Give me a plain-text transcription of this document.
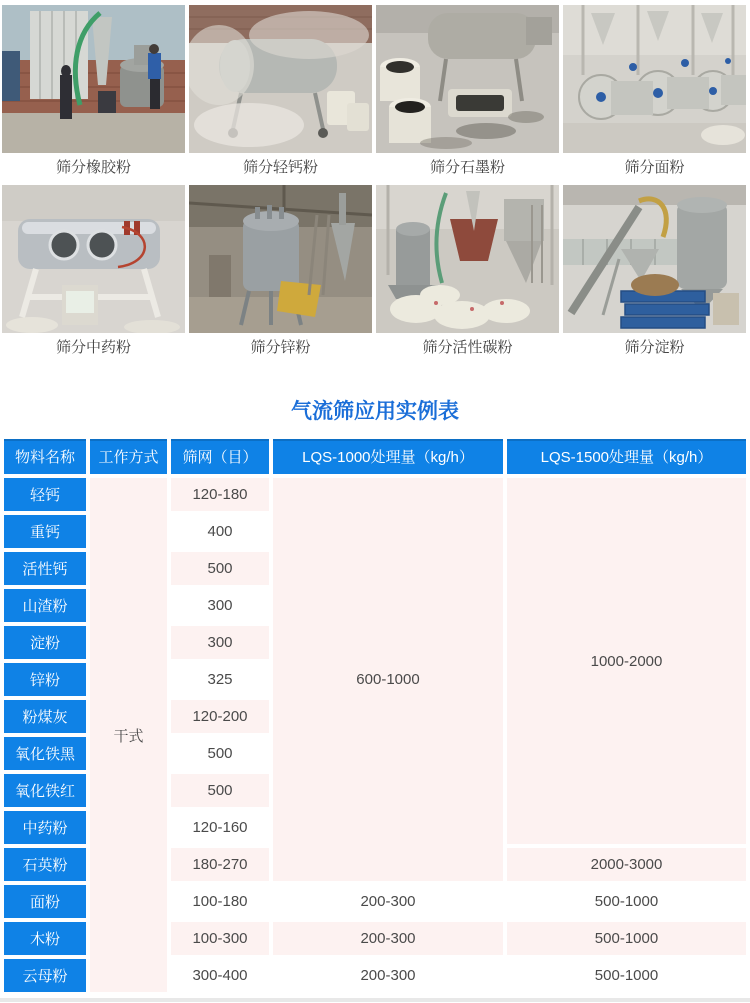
筛分橡胶粉	筛分轻钙粉	筛分石墨粉	筛分面粉
筛分中药粉	筛分锌粉	筛分活性碳粉	筛分淀粉
气流筛应用实例表
物料名称	工作方式	筛网（目）	LQS-1000处理量（kg/h）	LQS-1500处理量（kg/h）
轻钙	干式	120-180	600-1000	1000-2000
重钙		400		
活性钙		500		
山渣粉		300		
淀粉		300		
锌粉		325		
粉煤灰		120-200		
氧化铁黑		500		
氧化铁红		500		
中药粉		120-160		
石英粉		180-270		2000-3000
面粉		100-180	200-300	500-1000
木粉		100-300	200-300	500-1000
云母粉		300-400	200-300	500-1000
